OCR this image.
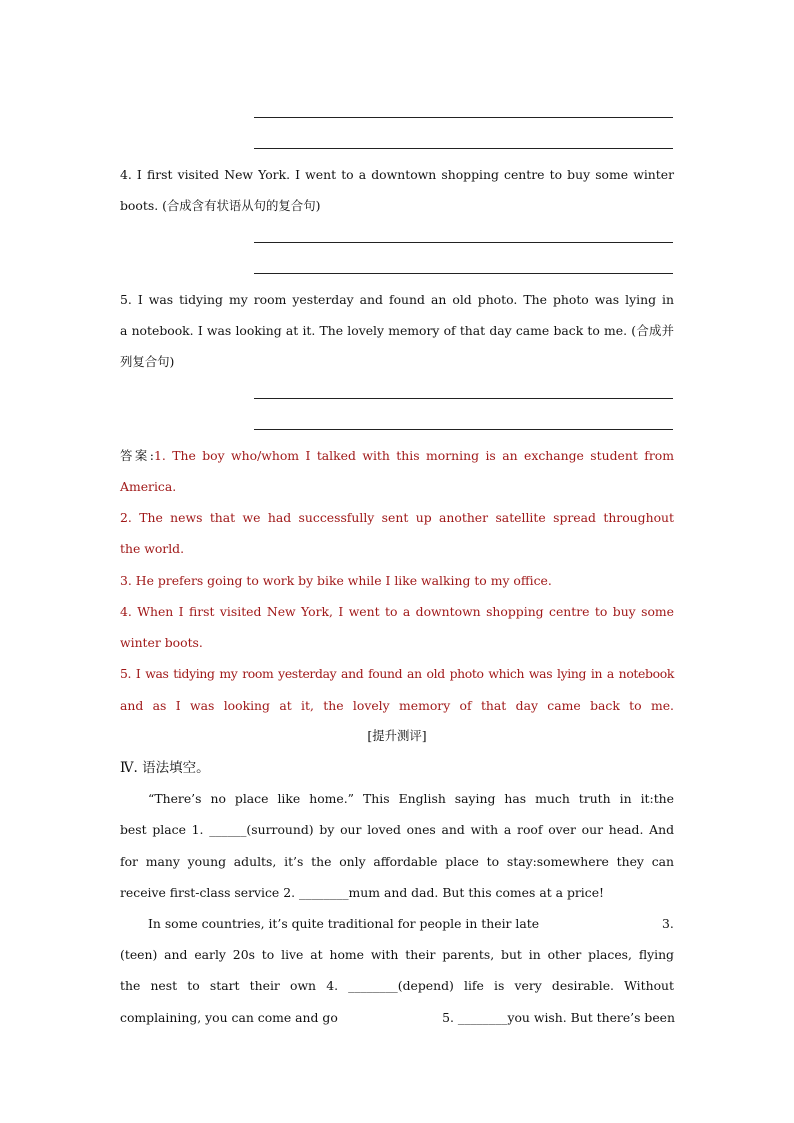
4. I first visited New York. I went to a downtown shopping centre to buy some winter
boots. (合成含有状语从句的复合句)
5. I was tidying my room yesterday and found an old photo. The photo was lying in
a notebook. I was looking at it. The lovely memory of that day came back to me. (合成并
列复合句)
答案:1. The boy who/whom I talked with this morning is an exchange student from
America.
2. The news that we had successfully sent up another satellite spread throughout
the world.
3. He prefers going to work by bike while I like walking to my office.
4. When I first visited New York, I went to a downtown shopping centre to buy some
winter boots.
5. I was tidying my room yesterday and found an old photo which was lying in a notebook
and as I was looking at it, the lovely memory of that day came back to me.
[提升测评]
Ⅳ. 语法填空。
“There’s no place like home.” This English saying has much truth in it:the
best place 1. ______(surround) by our loved ones and with a roof over our head. And
for many young adults, it’s the only affordable place to stay:somewhere they can
receive first-class service 2. ________mum and dad. But this comes at a price!
In some countries, it’s quite traditional for people in their late	3.
(teen) and early 20s to live at home with their parents, but in other places, flying
the nest to start their own 4. ________(depend) life is very desirable. Without
complaining, you can come and go	5. ________you wish. But there’s been
